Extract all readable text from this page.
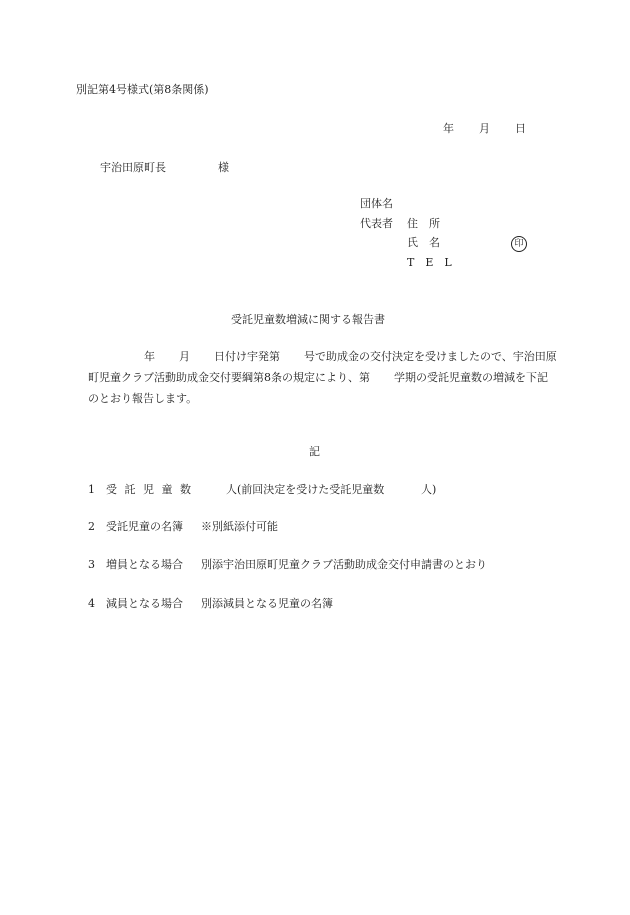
別記第4号様式(第8条関係)
年 月 日
宇治田原町長	様
団体名
代表者 住　所
氏　名	印
T　E　L
受託児童数増減に関する報告書
年 月 日付け宇発第 号で助成金の交付決定を受けましたので、宇治田原町児童クラブ活動助成金交付要綱第8条の規定により、第 学期の受託児童数の増減を下記のとおり報告します。
記
1 受 託 児 童 数	人(前回決定を受けた受託児童数	人)
2 受託児童の名簿 ※別紙添付可能
3 増員となる場合 別添宇治田原町児童クラブ活動助成金交付申請書のとおり
4 減員となる場合 別添減員となる児童の名簿
